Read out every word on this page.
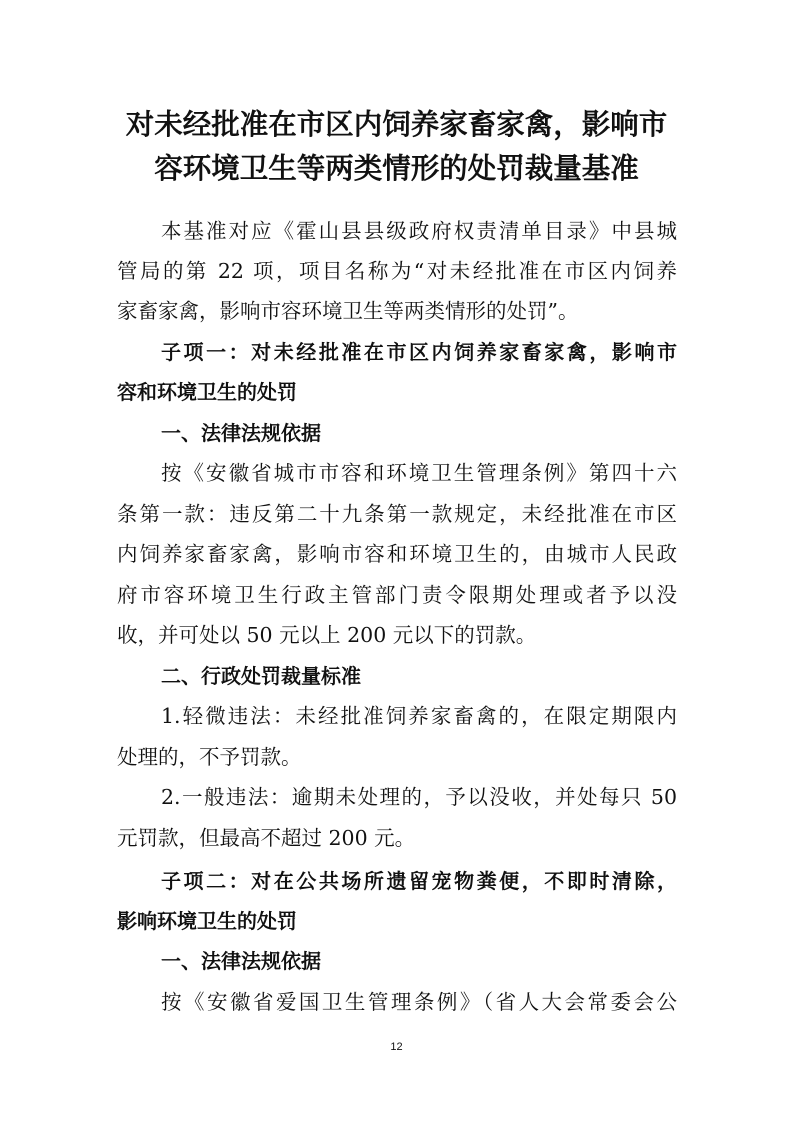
对未经批准在市区内饲养家畜家禽，影响市
容环境卫生等两类情形的处罚裁量基准
本基准对应《霍山县县级政府权责清单目录》中县城
管局的第 22 项，项目名称为“对未经批准在市区内饲养
家畜家禽，影响市容环境卫生等两类情形的处罚”。
子项一：对未经批准在市区内饲养家畜家禽，影响市
容和环境卫生的处罚
一、法律法规依据
按《安徽省城市市容和环境卫生管理条例》第四十六
条第一款：违反第二十九条第一款规定，未经批准在市区
内饲养家畜家禽，影响市容和环境卫生的，由城市人民政
府市容环境卫生行政主管部门责令限期处理或者予以没
收，并可处以 50 元以上 200 元以下的罚款。
二、行政处罚裁量标准
1.轻微违法：未经批准饲养家畜禽的，在限定期限内
处理的，不予罚款。
2.一般违法：逾期未处理的，予以没收，并处每只 50
元罚款，但最高不超过 200 元。
子项二：对在公共场所遗留宠物粪便，不即时清除，
影响环境卫生的处罚
一、法律法规依据
12
按《安徽省爱国卫生管理条例》（省人大会常委会公
